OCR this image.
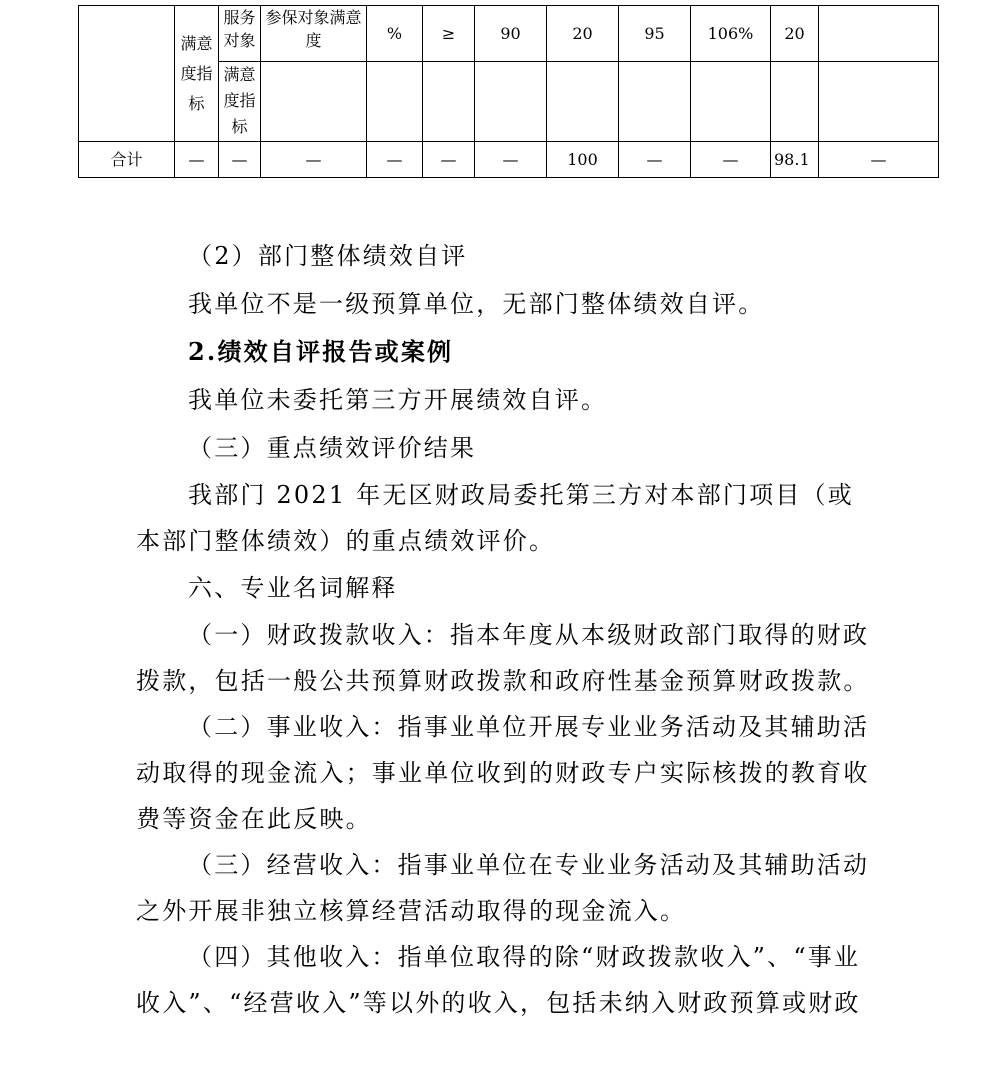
	满意度指标	服务对象	参保对象满意度	%	≥	90	20	95	106%	20	
		满意度指标									
合计	—	—	—	—	—	—	100	—	—	98.1	—

（2）部门整体绩效自评

我单位不是一级预算单位，无部门整体绩效自评。

2.绩效自评报告或案例

我单位未委托第三方开展绩效自评。

（三）重点绩效评价结果

我部门 2021 年无区财政局委托第三方对本部门项目（或本部门整体绩效）的重点绩效评价。

六、专业名词解释

（一）财政拨款收入：指本年度从本级财政部门取得的财政拨款，包括一般公共预算财政拨款和政府性基金预算财政拨款。

（二）事业收入：指事业单位开展专业业务活动及其辅助活动取得的现金流入；事业单位收到的财政专户实际核拨的教育收费等资金在此反映。

（三）经营收入：指事业单位在专业业务活动及其辅助活动之外开展非独立核算经营活动取得的现金流入。

（四）其他收入：指单位取得的除“财政拨款收入”、“事业收入”、“经营收入”等以外的收入，包括未纳入财政预算或财政
